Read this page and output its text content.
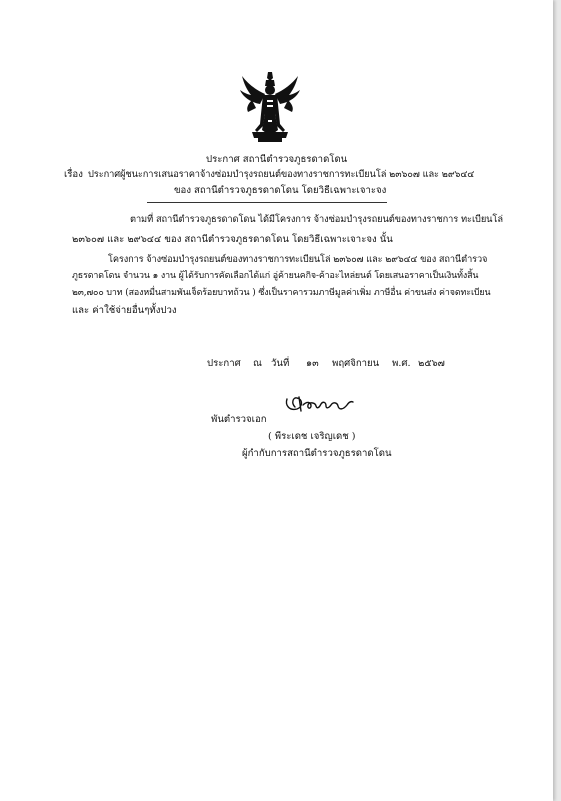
ประกาศ สถานีตำรวจภูธรดาดโดน
เรื่อง ประกาศผู้ชนะการเสนอราคาจ้างซ่อมบำรุงรถยนต์ของทางราชการทะเบียนโล่ ๒๓๖๐๗ และ ๒๙๖๔๔
ของ สถานีตำรวจภูธรดาดโดน โดยวิธีเฉพาะเจาะจง
ตามที่ สถานีตำรวจภูธรดาดโดน ได้มีโครงการ จ้างซ่อมบำรุงรถยนต์ของทางราชการ ทะเบียนโล่
๒๓๖๐๗ และ ๒๙๖๔๔ ของ สถานีตำรวจภูธรดาดโดน โดยวิธีเฉพาะเจาะจง นั้น
โครงการ จ้างซ่อมบำรุงรถยนต์ของทางราชการทะเบียนโล่ ๒๓๖๐๗ และ ๒๙๖๔๔ ของ สถานีตำรวจ
ภูธรดาดโดน จำนวน ๑ งาน ผู้ได้รับการคัดเลือกได้แก่ อู่ค้ายนคกิจ-ค้าอะไหล่ยนต์ โดยเสนอราคาเป็นเงินทั้งสิ้น
๒๓,๗๐๐ บาท (สองหมื่นสามพันเจ็ดร้อยบาทถ้วน ) ซึ่งเป็นราคารวมภาษีมูลค่าเพิ่ม ภาษีอื่น ค่าขนส่ง ค่าจดทะเบียน
และ ค่าใช้จ่ายอื่นๆทั้งปวง
ประกาศ ณ วันที่ ๑๓ พฤศจิกายน พ.ศ. ๒๕๖๗
พันตำรวจเอก
( พีระเดช เจริญเดช )
ผู้กำกับการสถานีตำรวจภูธรดาดโดน
